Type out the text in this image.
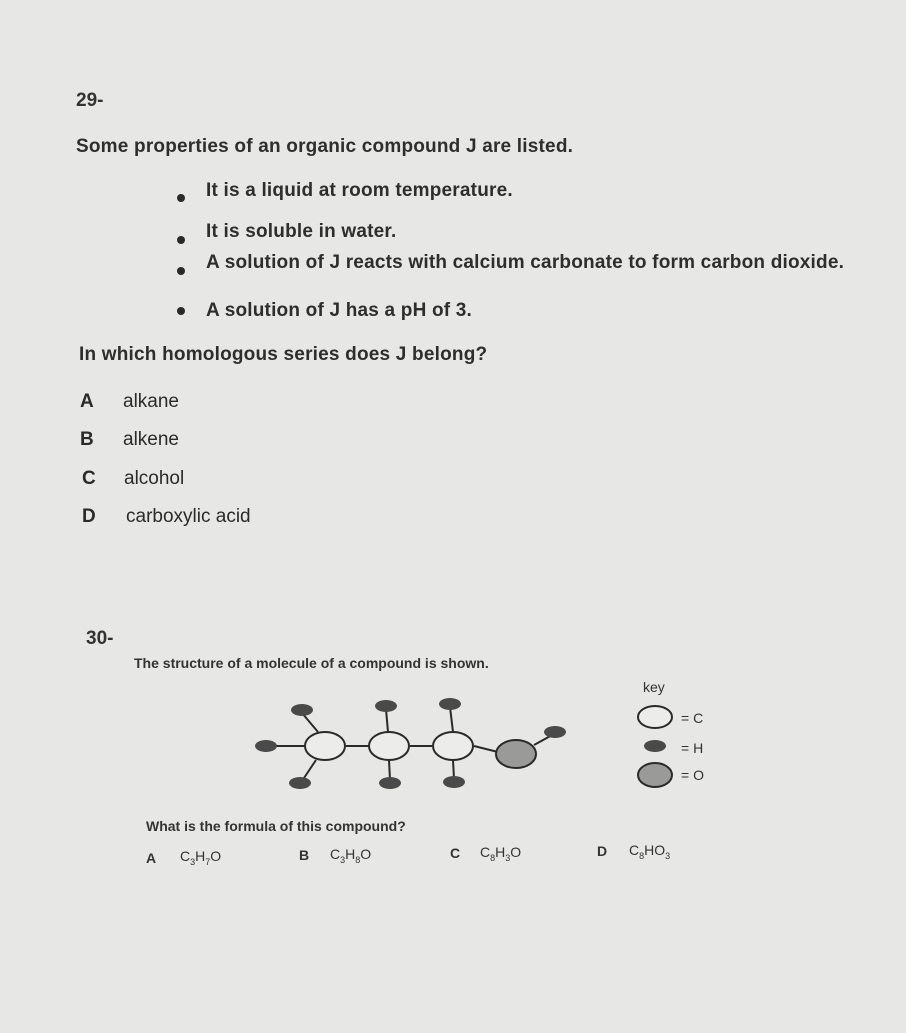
29-
Some properties of an organic compound J are listed.
It is a liquid at room temperature.
It is soluble in water.
A solution of J reacts with calcium carbonate to form carbon dioxide.
A solution of J has a pH of 3.
In which homologous series does J belong?
A alkane
B alkene
C alcohol
D carboxylic acid
30-
The structure of a molecule of a compound is shown.
key
= C
= H
= O
What is the formula of this compound?
A $C_3H_7O$	B $C_3H_8O$	C $C_8H_3O$	D $C_8HO_3$
